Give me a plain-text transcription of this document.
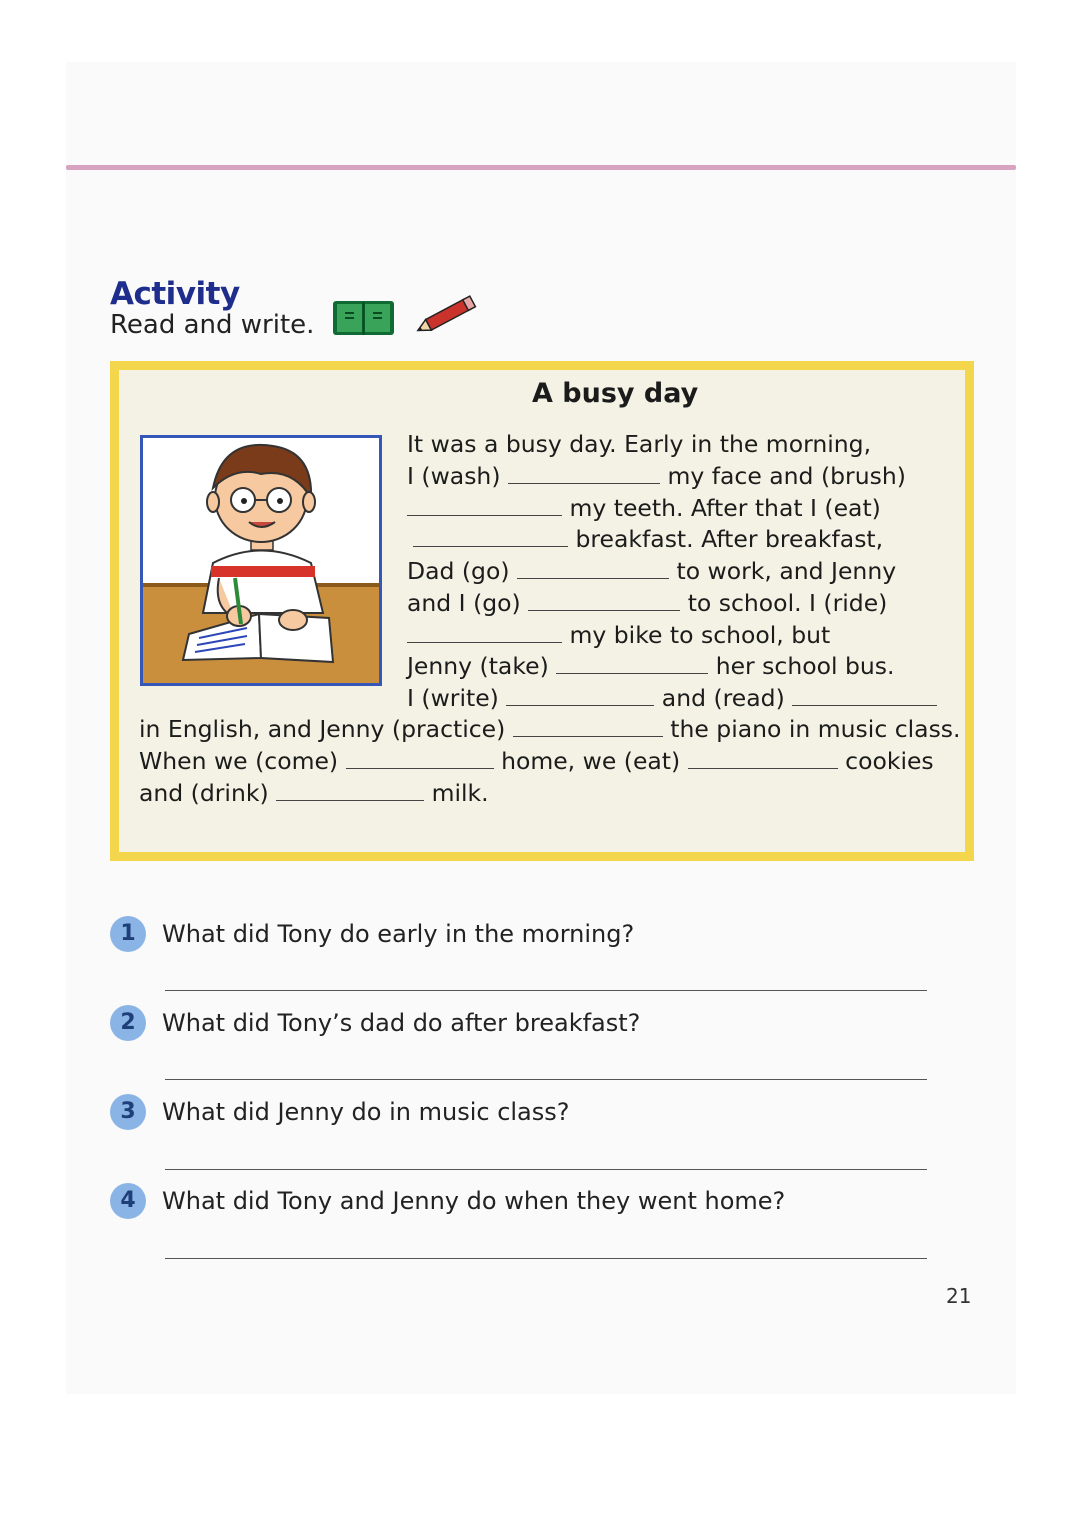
Activity
Read and write.
A busy day
It was a busy day. Early in the morning,
I (wash)	my face and (brush)
my teeth. After that I (eat)
breakfast. After breakfast,
Dad (go)	to work, and Jenny
and I (go)	to school. I (ride)
my bike to school, but
Jenny (take)	her school bus.
I (write)	and (read)
in English, and Jenny (practice)	the piano in music class.
When we (come)	home, we (eat)	cookies
and (drink)	milk.
1	What did Tony do early in the morning?
2	What did Tony’s dad do after breakfast?
3	What did Jenny do in music class?
4	What did Tony and Jenny do when they went home?
21
